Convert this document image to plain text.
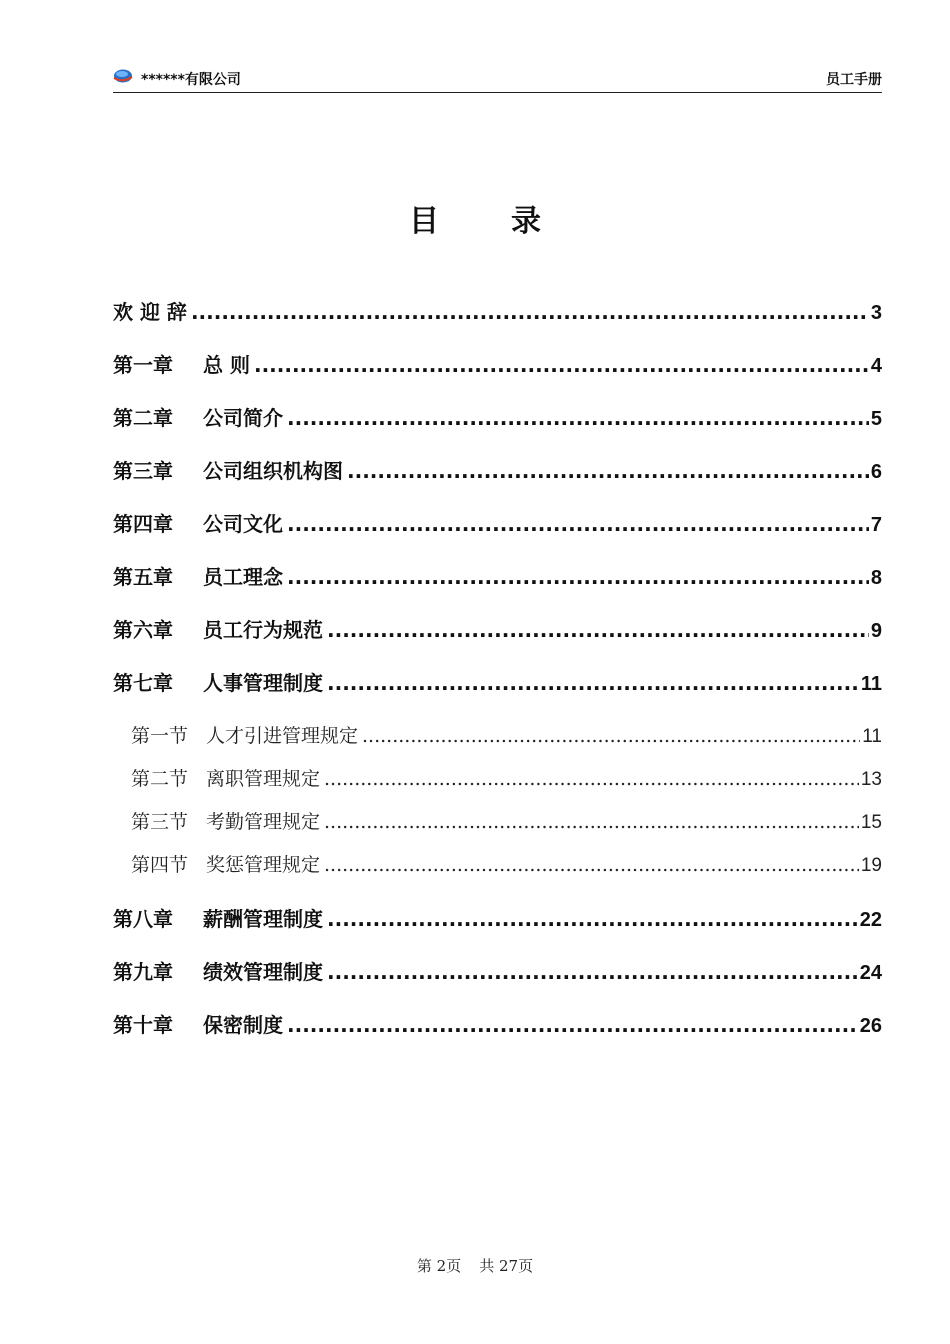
******有限公司	员工手册
目录
欢 迎 辞 .....	3
第一章	总 则 .....	4
第二章	公司简介 .....	5
第三章	公司组织机构图 .....	6
第四章	公司文化 .....	7
第五章	员工理念 .....	8
第六章	员工行为规范 .....	9
第七章	人事管理制度 .....	11
第一节 人才引进管理规定 .....	11
第二节 离职管理规定 .....	13
第三节 考勤管理规定 .....	15
第四节 奖惩管理规定 .....	19
第八章	薪酬管理制度 .....	22
第九章	绩效管理制度 .....	24
第十章	保密制度 .....	26
第 2页 共 27页
